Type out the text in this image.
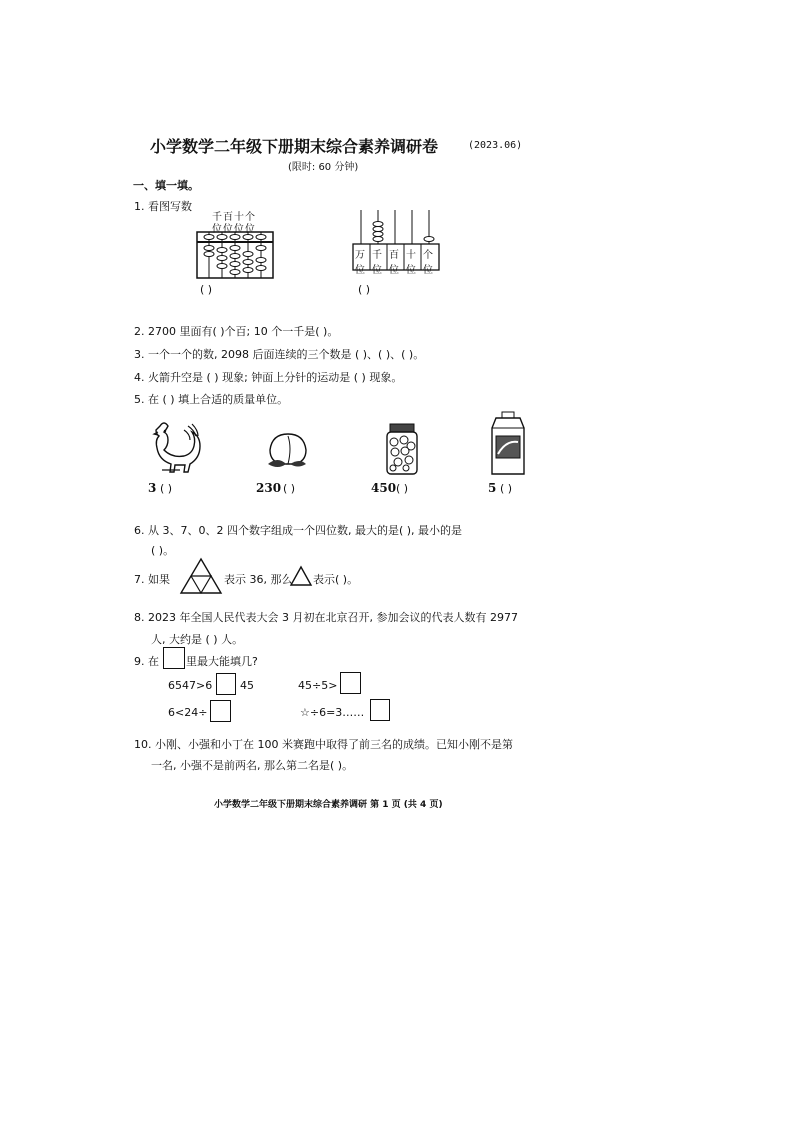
小学数学二年级下册期末综合素养调研卷	(2023.06)
(限时: 60 分钟)
一、填一填。
1. 看图写数
千百十个
位位位位
( )
万
位
千
位
百
位
十
位
个
位
( )
2. 2700 里面有( )个百; 10 个一千是( )。
3. 一个一个的数, 2098 后面连续的三个数是 ( )、( )、( )。
4. 火箭升空是 ( ) 现象; 钟面上分针的运动是 ( ) 现象。
5. 在 ( ) 填上合适的质量单位。
3 ( )	230 ( )	450 ( )	5 ( )
6. 从 3、7、0、2 四个数字组成一个四位数, 最大的是( ), 最小的是
( )。
7. 如果	表示 36, 那么 表示( )。
8. 2023 年全国人民代表大会 3 月初在北京召开, 参加会议的代表人数有 2977
人, 大约是 ( ) 人。
9. 在 里最大能填几?
6547>6	45	45÷5>
6<24÷	☆÷6=3……
10. 小刚、小强和小丁在 100 米赛跑中取得了前三名的成绩。已知小刚不是第
一名, 小强不是前两名, 那么第二名是( )。
小学数学二年级下册期末综合素养调研 第 1 页 (共 4 页)
